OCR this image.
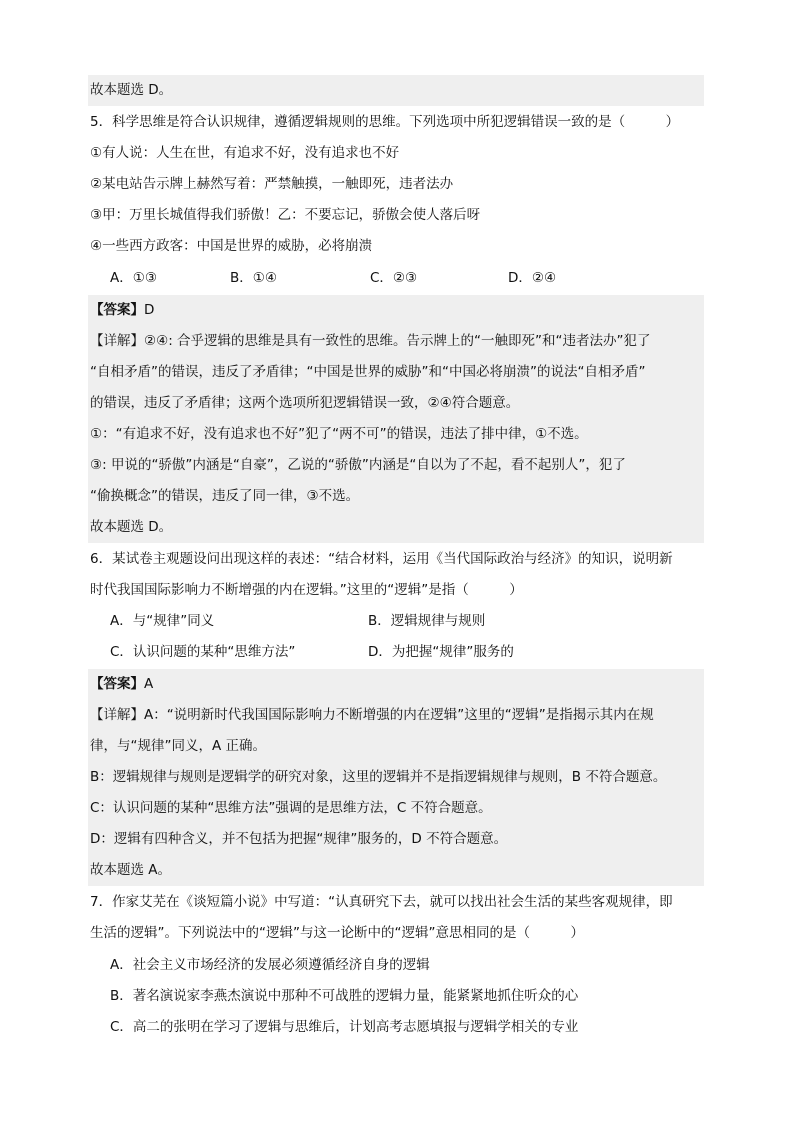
故本题选 D。
5．科学思维是符合认识规律，遵循逻辑规则的思维。下列选项中所犯逻辑错误一致的是（　　　）
①有人说：人生在世，有追求不好，没有追求也不好
②某电站告示牌上赫然写着：严禁触摸，一触即死，违者法办
③甲：万里长城值得我们骄傲！乙：不要忘记，骄傲会使人落后呀
④一些西方政客：中国是世界的威胁，必将崩溃
A．①③	B．①④	C．②③	D．②④
【答案】D
【详解】②④: 合乎逻辑的思维是具有一致性的思维。告示牌上的“一触即死”和“违者法办”犯了
“自相矛盾”的错误，违反了矛盾律；“中国是世界的威胁”和“中国必将崩溃”的说法“自相矛盾”
的错误，违反了矛盾律；这两个选项所犯逻辑错误一致，②④符合题意。
①：“有追求不好，没有追求也不好”犯了“两不可”的错误，违法了排中律，①不选。
③: 甲说的“骄傲”内涵是“自豪”，乙说的“骄傲”内涵是“自以为了不起，看不起别人”，犯了
“偷换概念”的错误，违反了同一律，③不选。
故本题选 D。
6．某试卷主观题设问出现这样的表述：“结合材料，运用《当代国际政治与经济》的知识，说明新
时代我国国际影响力不断增强的内在逻辑。”这里的“逻辑”是指（　　　）
A．与“规律”同义	B．逻辑规律与规则
C．认识问题的某种“思维方法”	D．为把握“规律”服务的
【答案】A
【详解】A：“说明新时代我国国际影响力不断增强的内在逻辑”这里的“逻辑”是指揭示其内在规
律，与“规律”同义，A 正确。
B：逻辑规律与规则是逻辑学的研究对象，这里的逻辑并不是指逻辑规律与规则，B 不符合题意。
C：认识问题的某种“思维方法”强调的是思维方法，C 不符合题意。
D：逻辑有四种含义，并不包括为把握“规律”服务的，D 不符合题意。
故本题选 A。
7．作家艾芜在《谈短篇小说》中写道：“认真研究下去，就可以找出社会生活的某些客观规律，即
生活的逻辑”。下列说法中的“逻辑”与这一论断中的“逻辑”意思相同的是（　　　）
A．社会主义市场经济的发展必须遵循经济自身的逻辑
B．著名演说家李燕杰演说中那种不可战胜的逻辑力量，能紧紧地抓住听众的心
C．高二的张明在学习了逻辑与思维后，计划高考志愿填报与逻辑学相关的专业
